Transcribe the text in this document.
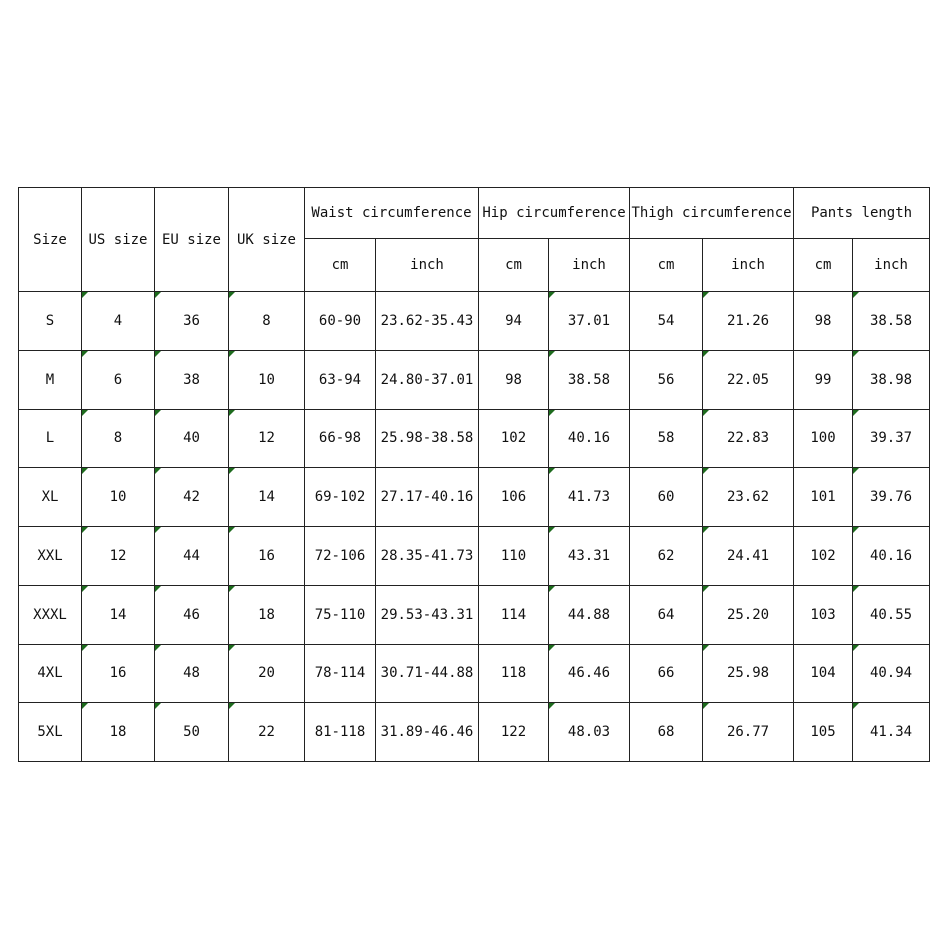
Size	US size	EU size	UK size	Waist circumference		Hip circumference		Thigh circumference		Pants length	
				cm	inch	cm	inch	cm	inch	cm	inch
S	4	36	8	60-90	23.62-35.43	94	37.01	54	21.26	98	38.58
M	6	38	10	63-94	24.80-37.01	98	38.58	56	22.05	99	38.98
L	8	40	12	66-98	25.98-38.58	102	40.16	58	22.83	100	39.37
XL	10	42	14	69-102	27.17-40.16	106	41.73	60	23.62	101	39.76
XXL	12	44	16	72-106	28.35-41.73	110	43.31	62	24.41	102	40.16
XXXL	14	46	18	75-110	29.53-43.31	114	44.88	64	25.20	103	40.55
4XL	16	48	20	78-114	30.71-44.88	118	46.46	66	25.98	104	40.94
5XL	18	50	22	81-118	31.89-46.46	122	48.03	68	26.77	105	41.34
